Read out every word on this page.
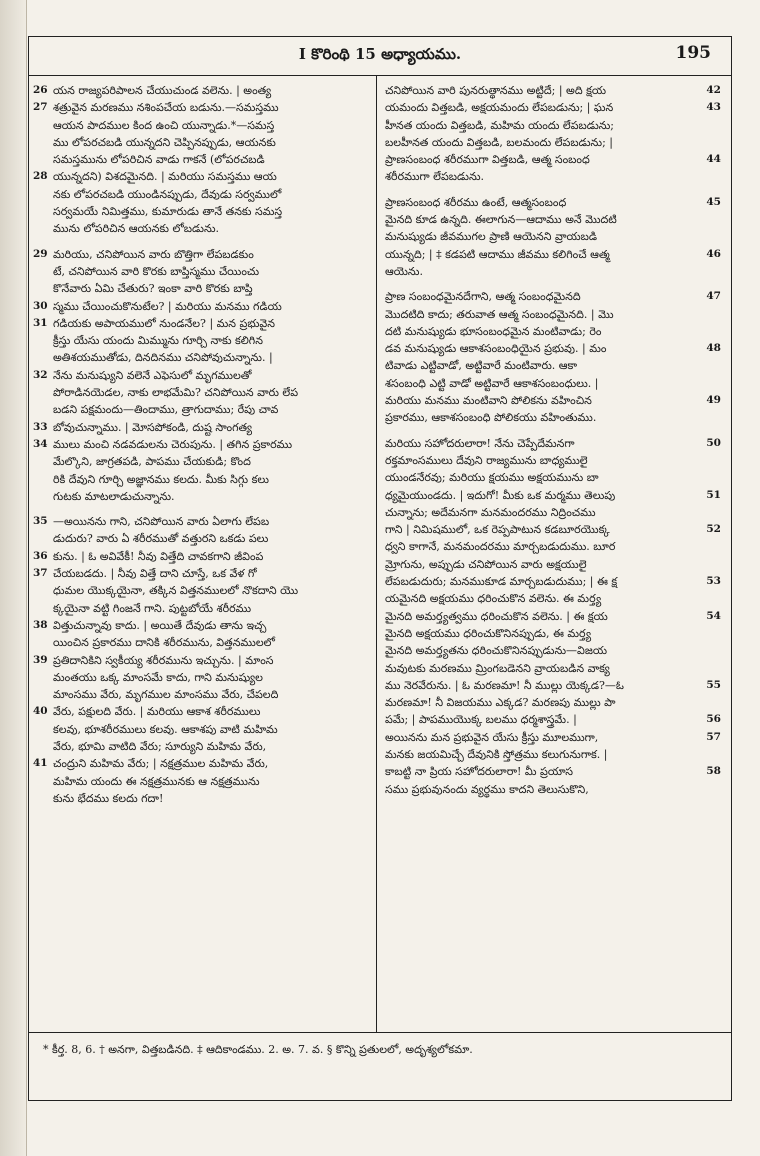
I కొరింథి 15 అధ్యాయము.	195
26 యన రాజ్యపరిపాలన చేయుచుండ వలెను. | అంత్య
27 శత్రువైన మరణము నశింపచేయ బడును.—సమస్తము
ఆయన పాదముల కింద ఉంచి యున్నాడు.*—సమస్త
ము లోపరచబడి యున్నదని చెప్పినప్పుడు, ఆయనకు
సమస్తమును లోపరిచిన వాడు గాకనే (లోపరచబడి
28 యున్నదని) విశదమైనది. | మరియు సమస్తము ఆయ
నకు లోపరచబడి యుండినప్పుడు, దేవుడు సర్వములో
సర్వమయే నిమిత్తము, కుమారుడు తానే తనకు సమస్త
మును లోపరిచిన ఆయనకు లోబడును.
29 మరియు, చనిపోయిన వారు బొత్తిగా లేపబడకుం
టే, చనిపోయిన వారి కొరకు బాప్తిస్మము చేయించు
కొనేవారు ఏమి చేతురు? ఇంకా వారి కొరకు బాప్తి
30 స్మము చేయించుకొనుటేల? | మరియు మనము గడియ
31 గడియకు అపాయములో నుండనేల? | మన ప్రభువైన
క్రీస్తు యేసు యందు మిమ్మును గూర్చి నాకు కలిగిన
అతిశయముతోడు, దినదినము చనిపోవుచున్నాను. |
32 నేను మనుష్యుని వలెనే ఎఫెసులో మృగములతో
పోరాడినయెడల, నాకు లాభమేమి? చనిపోయిన వారు లేప
బడని పక్షమందు—తిందాము, త్రాగుదాము; రేపు చావ
33 బోవుచున్నాము. | మోసపోకండి, దుష్ట సాంగత్య
34 ములు మంచి నడవడులను చెరుపును. | తగిన ప్రకారము
మేల్కొని, జాగ్రతపడి, పాపము చేయకుడి; కొంద
రికి దేవుని గూర్చి అజ్ఞానము కలదు. మీకు సిగ్గు కలు
గుటకు మాటలాడుచున్నాను.
35 —అయినను గాని, చనిపోయిన వారు ఏలాగు లేపబ
డుదురు? వారు ఏ శరీరముతో వత్తురని ఒకడు పలు
36 కును. | ఓ అవివేకీ! నీవు విత్తేది చావకగాని జీవింప
37 చేయబడదు. | నీవు విత్తే దాని చూస్తే, ఒక వేళ గో
ధుమల యొక్కయైనా, తక్కిన విత్తనములలో నొకదాని యొ
క్కయైనా వట్టి గింజనే గాని. పుట్టబోయే శరీరము
38 విత్తుచున్నావు కాదు. | అయితే దేవుడు తాను ఇచ్చ
యించిన ప్రకారము దానికి శరీరమును, విత్తనములలో
39 ప్రతిదానికిని స్వకీయ్య శరీరమును ఇచ్చును. | మాంస
మంతయు ఒక్క మాంసమే కాదు, గాని మనుష్యుల
మాంసము వేరు, మృగముల మాంసము వేరు, చేపలది
40 వేరు, పక్షులది వేరు. | మరియు ఆకాశ శరీరములు
కలవు, భూశరీరములు కలవు. ఆకాశపు వాటి మహిమ
వేరు, భూమి వాటిది వేరు; సూర్యుని మహిమ వేరు,
41 చంద్రుని మహిమ వేరు; | నక్షత్రముల మహిమ వేరు,
మహిమ యందు ఈ నక్షత్రమునకు ఆ నక్షత్రమును
కును భేదము కలదు గదా!
చనిపోయిన వారి పునరుత్థానము అట్టిదే; | అది క్షయ	42
యమందు విత్తబడి, అక్షయమందు లేపబడును; | ఘన	43
హీనత యందు విత్తబడి, మహిమ యందు లేపబడును;
బలహీనత యందు విత్తబడి, బలమందు లేపబడును; |
ప్రాణసంబంధ శరీరముగా విత్తబడి, ఆత్మ సంబంధ	44
శరీరముగా లేపబడును.
ప్రాణసంబంధ శరీరము ఉంటే, ఆత్మసంబంధ	45
మైనది కూడ ఉన్నది. ఈలాగున—ఆదాము అనే మొదటి
మనుష్యుడు జీవముగల ప్రాణి ఆయెనని వ్రాయబడి
యున్నది; | ‡ కడపటి ఆదాము జీవము కలిగించే ఆత్మ	46
ఆయెను.
ప్రాణ సంబంధమైనదేగాని, ఆత్మ సంబంధమైనది	47
మొదటిది కాదు; తరువాత ఆత్మ సంబంధమైనది. | మొ
దటి మనుష్యుడు భూసంబంధమైన మంటివాడు; రెం
డవ మనుష్యుడు ఆకాశసంబంధియైన ప్రభువు. | మం	48
టివాడు ఎట్టివాడో, అట్టివారే మంటివారు. ఆకా
శసంబంధి ఎట్టి వాడో అట్టివారే ఆకాశసంబంధులు. |
మరియు మనము మంటివాని పోలికను వహించిన	49
ప్రకారము, ఆకాశసంబంధి పోలికయు వహింతుము.
మరియు సహోదరులారా! నేను చెప్పేదేమనగా	50
రక్తమాంసములు దేవుని రాజ్యమును బాధ్యములై
యుండనేరవు; మరియు క్షయము అక్షయమును బా
ధ్యమైయుండదు. | ఇదుగో! మీకు ఒక మర్మము తెలుపు	51
చున్నాను; అదేమనగా మనమందరము నిద్రించము
గాని | నిమిషములో, ఒక రెప్పపాటున కడబూరయొక్క	52
ధ్వని కాగానే, మనమందరము మార్చబడుదుము. బూర
మ్రోగును, అప్పుడు చనిపోయిన వారు అక్షయులై
లేపబడుదురు; మనముకూడ మార్చబడుదుము; | ఈ క్ష	53
యమైనది అక్షయము ధరించుకొన వలెను. ఈ మర్త్య
మైనది అమర్త్యత్వము ధరించుకొన వలెను. | ఈ క్షయ	54
మైనది అక్షయము ధరించుకొనినప్పుడు, ఈ మర్త్య
మైనది అమర్త్యతను ధరించుకొనినప్పుడును—విజయ
మవుటకు మరణము మ్రింగబడెనని వ్రాయబడిన వాక్య
ము నెరవేరును. | ఓ మరణమా! నీ ముల్లు యెక్కడ?—ఓ	55
మరణమా! నీ విజయము ఎక్కడ? మరణపు ముల్లు పా
పమే; | పాపముయొక్క బలము ధర్మశాస్త్రమే. |	56
అయినను మన ప్రభువైన యేసు క్రీస్తు మూలముగా,	57
మనకు జయమిచ్చే దేవునికి స్తోత్రము కలుగునుగాక. |
కాబట్టి నా ప్రియ సహోదరులారా! మీ ప్రయాస	58
సము ప్రభువునందు వ్యర్థము కాదని తెలుసుకొని,
* కీర్త. 8, 6. † అనగా, విత్తబడినది. ‡ ఆదికాండము. 2. అ. 7. వ. § కొన్ని ప్రతులలో, అదృశ్యలోకమా.
